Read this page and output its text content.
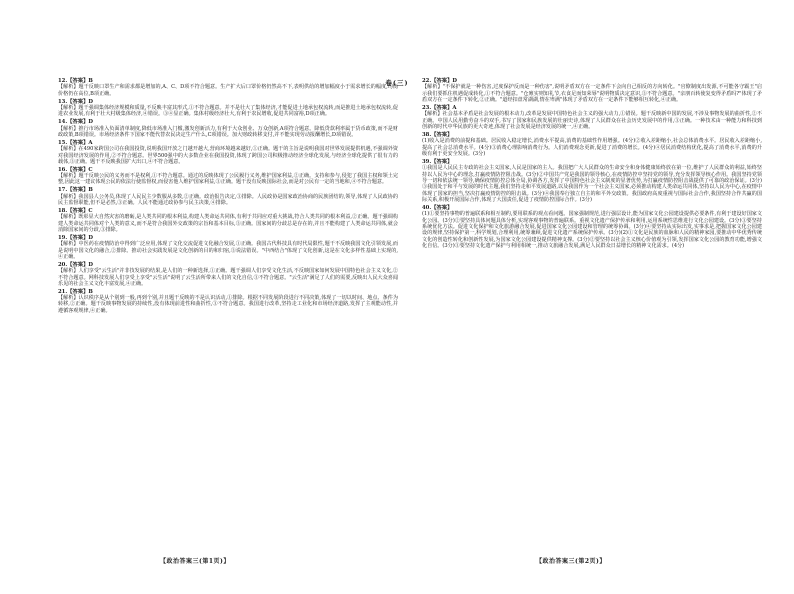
卷(三)
12.【答案】B
【解析】题干反映口罩生产和需求都是增加的,A、C、D项不符合题意。生产扩大后口罩价格仍然高不下,表明供给的增加幅度小于需求增长的幅度,均衡价格仍在高位,B项正确。
13.【答案】D
【解析】题干强调集体经济规模和质量,不反映丰富其形式,①不符合题意。并不是壮大了集体经济,才能促进土地承包权流转,而是推进土地承包权流转,促进农业发展,有利于壮大村级集体经济,④错误。③④显正确。集体村级经济壮大,有利于农民增收,促进共同富裕,D项正确。
14.【答案】D
【解析】推行市场准入负面清单制度,降低市场准入门槛,激发创新活力,有利于大众创业、万众创新,A项符合题意。降低贷款利率属于货币政策,而不是财政政策,B项错误。市场经济条件下国家不能代替农民决定生产什么,C项错误。加大财政转移支付,并不能实现劳动报酬增长,D项错误。
15.【答案】A
【解析】在490家跨国公司在我国投资,说明我国开放之门越开越大,营商环境越来越好,①正确。题干的主旨是说明我国对世界发展提供机遇,不强调外资对我国经济发展的作用,②不符合题意。世界500强中的大多数企业在我国投资,体现了跨国公司积极推动经济全球化发展,与经济全球化提供了很有力的载体,③正确。题干不反映我国扩大出口,④不符合题意。
16.【答案】C
【解析】题干反映公民的义务而不是权利,①不符合题意。通过的反映体现了公民履行义务,维护国家利益,②正确。支持和参与,侵犯了我国主权和领土完整,因此这一建议体现公民的依法行使监督权,而侵害他人维护国家利益,③正确。题干没有反映国际社会,而是对公民有一定的当地和,④不符合题意。
17.【答案】B
【解析】我国县人公务员,体现了人民民主少数服从多数,②正确。政治报告决定,③排除。人民政协是国家政治协商的民族团结的,领导,体现了人民政协的民主监督职能,但不是必然,③正确。人民不能通过政协参与民主决策,④排除。
18.【答案】C
【解析】既彰显大自然灾害的磨砺,是人类共同的根本利益,构建人类命运共同体,有利于共同应对重大挑战,符合人类共同的根本利益,②正确。题干强调构建人类命运共同体对个人类的意义,而不是符合我国外交政策的宗旨和基本目标,③正确。国家间的分歧总是存在的,并且不能构建了人类命运共同体,就会消除国家间的分歧,③排除。
19.【答案】D
【解析】中医药在疫情防治中得到广泛应用,体现了文化交流促进文化融合发展,①正确。我国古代科技具有时代局限性,题干不反映我国文化引领发展,而是说明中国文化的融合,②排除。推动社会实践发展是文化创新的目的和归宿,③说法错误。"中西结合"体现了文化创新,这是在文化多样性基础上实现的,④正确。
20.【答案】D
【解析】人们享受"云生活"并非技发展的结果,是人们的一种新选择,①正确。题干强调人们享受文化生活,不反映国家如何发展中国特色社会主义文化,②不符合题意。网科技发展人们享受上享受"云生活"说明了云生活所带来人们的文化自信,③不符合题意。"云生活"满足了人们的需要,反映出人民大众喜闻乐见的社会主义文化丰富发展,④正确。
21.【答案】B
【解析】认识秩序是从个别到一般,再到个别,并且题干反映的不是认识活动,①排除。根据不同发展阶段进行不同决策,体现了一切以时间、地点、条件为转移,②正确。题干反映事物发展的持续性,没有体现前进性和曲折性,③不符合题意。我国进行改革,坚持走工业化和市场经济道路,发挥了主观能动性,并遵循客观规律,④正确。
22.【答案】D
【解析】"不保护就是一种伤害,过度保护反而是一种伤害",说明矛盾双方在一定条件下会向自己相反的方向转化。"官僚制度出发源,不可能各守霸王"启示我们要抓住机遇促成转化,①不符合题意。"仓廪实则知礼节,衣食足而知荣辱"说明物质决定意识,③不符合题意。"亲朋百转使复变得矛盾吗?"体现了矛盾双方在一定条件下转化,②正确。"道经扣盘常湖湖,情在卑满"体现了矛盾双方在一定条件下能够相互转化,④正确。
23.【答案】A
【解析】社会基本矛盾是社会发展的根本动力,改革是发展中国特色社会主义的强大动力,①错误。题干反映新中国的发展,不涉及事物发展的曲折性,②不正确。中国人民用勤劳奋斗的双手,书写了国家和民族发展的壮丽史诗,体现了人民群众在社会历史发展中的作用,③正确。一种技术由一种能力和科技到创新的时代中华民族的更大奇迹,体现了社会发展是经济发展的统一,④正确。
38.【答案】
(1)收入是消费的前提和基础。居民收入稳定增长,消费水平提高,消费的基础性作用增强。(4分)②收入差距缩小,社会总体消费水平。居民收入差距缩小,提高了社会总消费水平。(4分)③消费心理影响消费行为。人们消费观念更新,促进了消费的增长。(4分)④居民消费结构优化,提高了消费水平,消费的升级有利于更安全发展。(3分)
39.【答案】
①我国是人民民主专政的社会主义国家,人民是国家的主人。我国把广大人民群众的生命安全和身体健康始终放在第一位,维护了人民群众的利益,始终坚持以人民为中心的理念,打赢疫情防控阻击战。(3分)②中国共产党是我国的领导核心,在疫情防控中坚持党的领导,充分发挥领导核心作用。我国坚持党领导一切和依法统一领导,确保疫情防控总体全局,协调各方,发挥了中国特色社会主义制度的显著优势,为打赢疫情防控阻击战提供了可靠的政治保证。(3分)③我国处于和平与发展的时代主题,我们坚持走和平发展道路,以及我国作为一个社会主义国家,必须推动构建人类命运共同体,坚持以人民为中心,在疫情中体现了国家的担当,坚决打赢疫情防控的阻击战。(3分)④我国奉行独立自主的和平外交政策。我国政府高度重视与国际社会合作,我国坚持合作共赢的国际关系,积极开展国际合作,体现了大国责任,促进了疫情防控国际合作。(3分)
40.【答案】
(1)①要坚持事物的普遍联系和相互制约,要用联系的观点看问题。国家强制规范,进行强层设计,能为国家文化公园建设提供必要条件,有利于建设好国家文化公园。(3分)②要坚持具体问题具体分析,实现客观事物的普遍联系。重视文化遗产保护传承和利用,运用系统性思维进行文化公园建设。(3分)③要坚持系统优化方法。促进文化保护和文化旅游融合发展,促进国家文化公园建设和管理的统筹协调。(3分)④要坚持从实际出发,实事求是,把握国家文化公园建设的规律,坚持保护第一,科学规划,合理利用,统筹兼顾,促进文化遗产系统保护传承。(3分)(2)①文化是民族的血脉和人民的精神家园,要推动中华优秀传统文化的创造性转化和创新性发展,为国家文化公园建设提供精神支撑。(3分)②要坚持以社会主义核心价值观为引领,发挥国家文化公园的教育功能,增强文化自信。(3分)③要坚持文化遗产保护与利用相统一,推动文旅融合发展,满足人民群众日益增长的精神文化需求。(4分)
【政治答案三(第1页)】	【政治答案三(第2页)】
